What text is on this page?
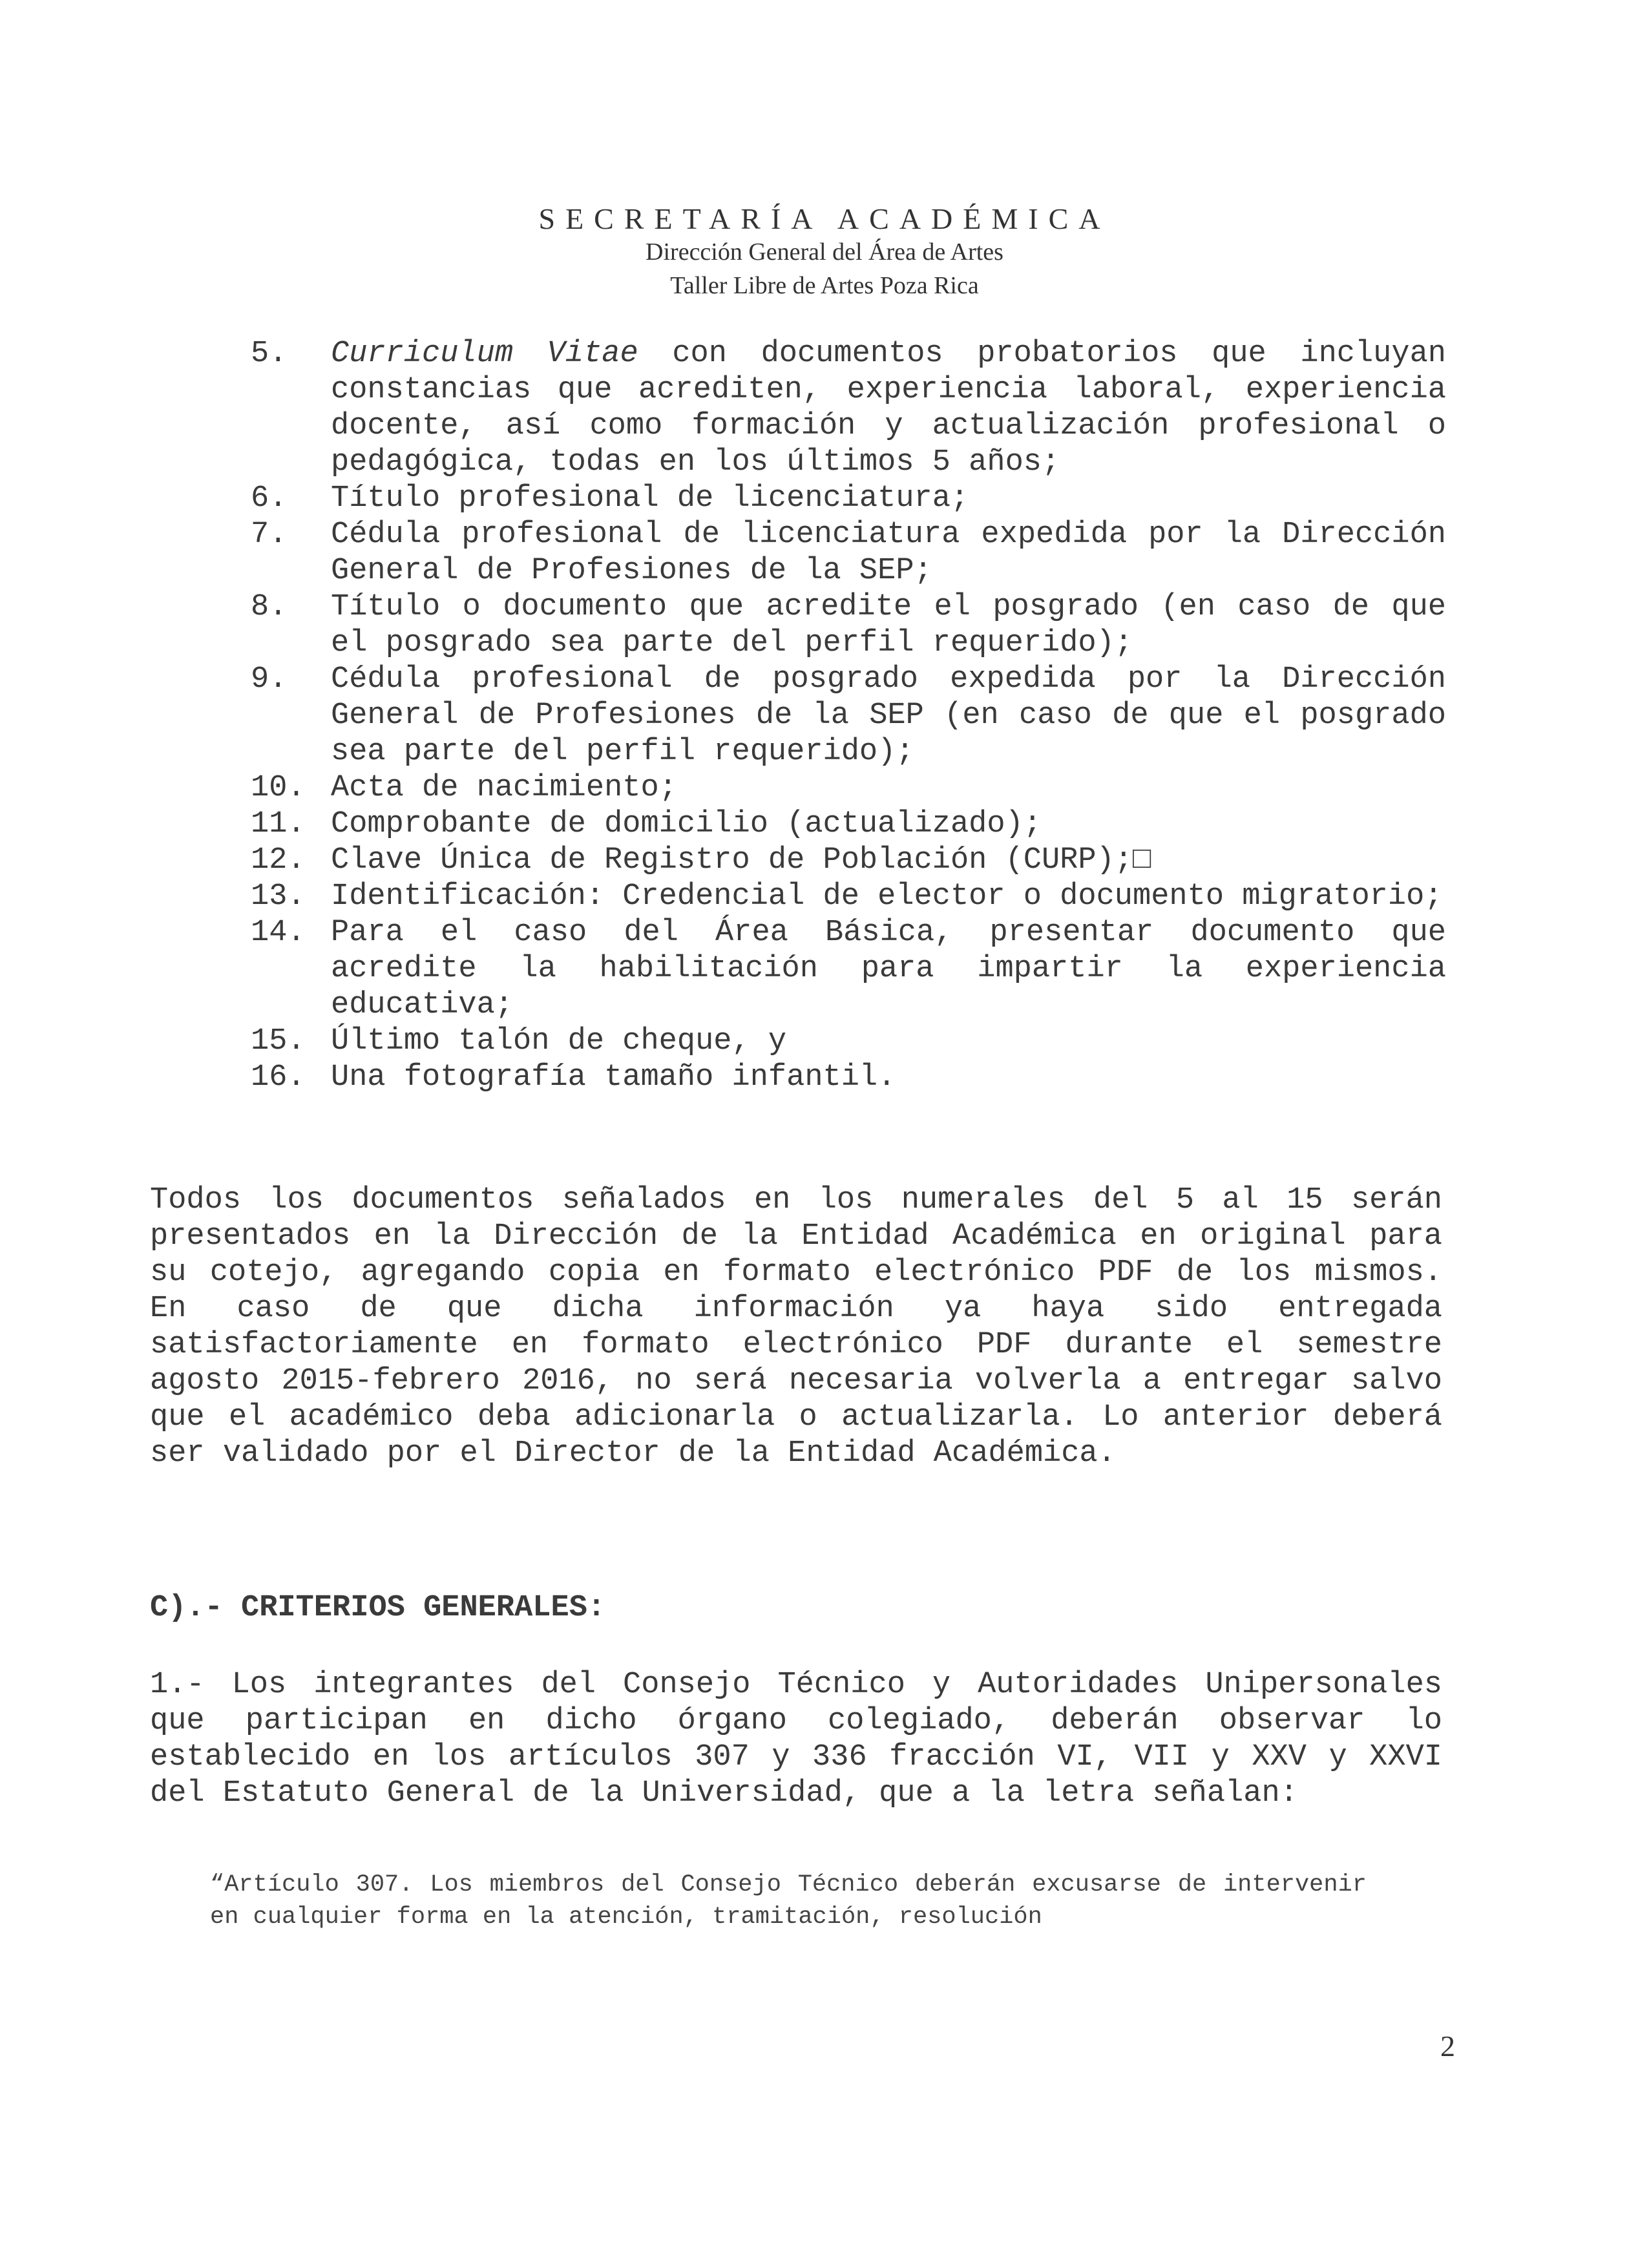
SECRETARÍA ACADÉMICA
Dirección General del Área de Artes
Taller Libre de Artes Poza Rica
5.	Curriculum Vitae con documentos probatorios que incluyan constancias que acrediten, experiencia laboral, experiencia docente, así como formación y actualización profesional o pedagógica, todas en los últimos 5 años;
6.	Título profesional de licenciatura;
7.	Cédula profesional de licenciatura expedida por la Dirección General de Profesiones de la SEP;
8.	Título o documento que acredite el posgrado (en caso de que el posgrado sea parte del perfil requerido);
9.	Cédula profesional de posgrado expedida por la Dirección General de Profesiones de la SEP (en caso de que el posgrado sea parte del perfil requerido);
10. Acta de nacimiento;
11. Comprobante de domicilio (actualizado);
12. Clave Única de Registro de Población (CURP);□
13. Identificación: Credencial de elector o documento migratorio;
14. Para el caso del Área Básica, presentar documento que acredite la habilitación para impartir la experiencia educativa;
15. Último talón de cheque, y
16. Una fotografía tamaño infantil.

Todos los documentos señalados en los numerales del 5 al 15 serán presentados en la Dirección de la Entidad Académica en original para su cotejo, agregando copia en formato electrónico PDF de los mismos. En caso de que dicha información ya haya sido entregada satisfactoriamente en formato electrónico PDF durante el semestre agosto 2015-febrero 2016, no será necesaria volverla a entregar salvo que el académico deba adicionarla o actualizarla. Lo anterior deberá ser validado por el Director de la Entidad Académica.

C).- CRITERIOS GENERALES:

1.- Los integrantes del Consejo Técnico y Autoridades Unipersonales que participan en dicho órgano colegiado, deberán observar lo establecido en los artículos 307 y 336 fracción VI, VII y XXV y XXVI del Estatuto General de la Universidad, que a la letra señalan:

“Artículo 307. Los miembros del Consejo Técnico deberán excusarse de intervenir en cualquier forma en la atención, tramitación, resolución

2
